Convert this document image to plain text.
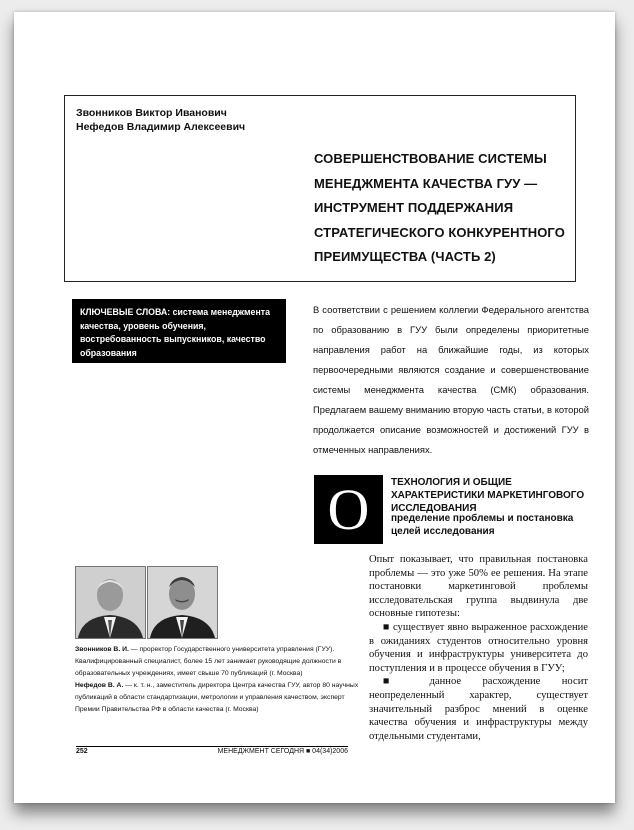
Звонников Виктор Иванович
Нефедов Владимир Алексеевич
СОВЕРШЕНСТВОВАНИЕ СИСТЕМЫ
МЕНЕДЖМЕНТА КАЧЕСТВА ГУУ —
ИНСТРУМЕНТ ПОДДЕРЖАНИЯ
СТРАТЕГИЧЕСКОГО КОНКУРЕНТНОГО
ПРЕИМУЩЕСТВА (ЧАСТЬ 2)
КЛЮЧЕВЫЕ СЛОВА: система менеджмента качества, уровень обучения, востребованность выпускников, качество образования
В соответствии с решением коллегии Федерального агентства по образованию в ГУУ были определены приоритетные направления работ на ближайшие годы, из которых первоочередными являются создание и совершенствование системы менеджмента качества (СМК) образования. Предлагаем вашему вниманию вторую часть статьи, в которой продолжается описание возможностей и достижений ГУУ в отмеченных направлениях.
О	ТЕХНОЛОГИЯ И ОБЩИЕ ХАРАКТЕРИСТИКИ МАРКЕТИНГОВОГО ИССЛЕДОВАНИЯ
пределение проблемы и постановка целей исследования

Опыт показывает, что правильная постановка проблемы — это уже 50% ее решения. На этапе постановки маркетинговой проблемы исследовательская группа выдвинула две основные гипотезы:

■ существует явно выраженное расхождение в ожиданиях студентов относительно уровня обучения и инфраструктуры университета до поступления и в процессе обучения в ГУУ;

■ данное расхождение носит неопределенный характер, существует значительный разброс мнений в оценке качества обучения и инфраструктуры между отдельными студентами,

Звонников В. И. — проректор Государственного университета управления (ГУУ). Квалифицированный специалист, более 15 лет занимает руководящие должности в образовательных учреждениях, имеет свыше 70 публикаций (г. Москва)
Нефедов В. А. — к. т. н., заместитель директора Центра качества ГУУ, автор 80 научных публикаций в области стандартизации, метрологии и управления качеством, эксперт Премии Правительства РФ в области качества (г. Москва)
252	МЕНЕДЖМЕНТ СЕГОДНЯ ■ 04(34)2006
